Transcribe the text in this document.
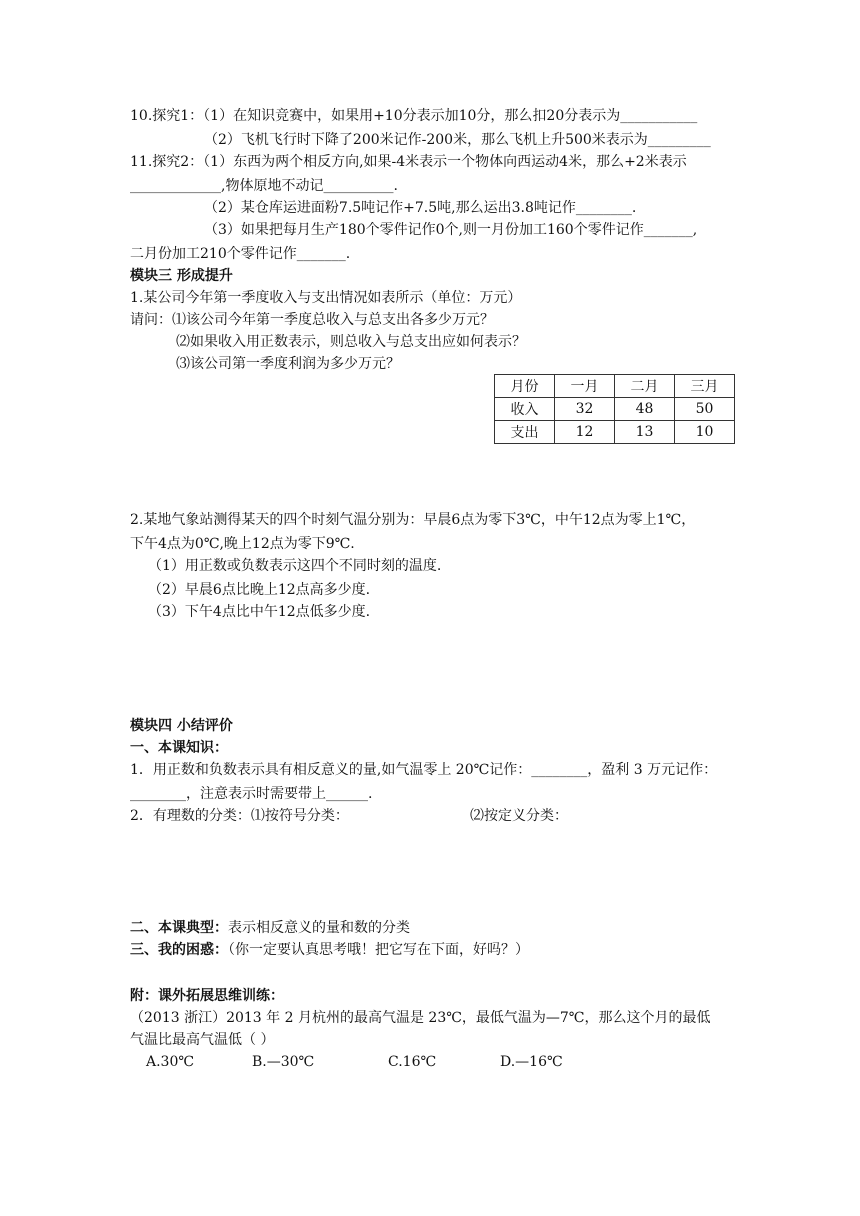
10.探究1：（1）在知识竞赛中，如果用+10分表示加10分，那么扣20分表示为___________
（2）飞机飞行时下降了200米记作-200米，那么飞机上升500米表示为_________
11.探究2：（1）东西为两个相反方向,如果-4米表示一个物体向西运动4米，那么+2米表示
_____________,物体原地不动记__________.
（2）某仓库运进面粉7.5吨记作+7.5吨,那么运出3.8吨记作________.
（3）如果把每月生产180个零件记作0个,则一月份加工160个零件记作_______,
二月份加工210个零件记作_______.
模块三 形成提升
1.某公司今年第一季度收入与支出情况如表所示（单位：万元）
请问：⑴该公司今年第一季度总收入与总支出各多少万元？
⑵如果收入用正数表示，则总收入与总支出应如何表示？
⑶该公司第一季度利润为多少万元？
月份	一月	二月	三月
收入	32	48	50
支出	12	13	10
2.某地气象站测得某天的四个时刻气温分别为：早晨6点为零下3℃，中午12点为零上1℃，
下午4点为0℃,晚上12点为零下9℃.
（1）用正数或负数表示这四个不同时刻的温度.
（2）早晨6点比晚上12点高多少度.
（3）下午4点比中午12点低多少度.
模块四 小结评价
一、本课知识：
1．用正数和负数表示具有相反意义的量,如气温零上 20℃记作：________，盈利 3 万元记作：
________，注意表示时需要带上______.
2．有理数的分类：⑴按符号分类：	⑵按定义分类：
二、本课典型：表示相反意义的量和数的分类
三、我的困惑：（你一定要认真思考哦！把它写在下面，好吗？）
附：课外拓展思维训练：
（2013 浙江）2013 年 2 月杭州的最高气温是 23℃，最低气温为—7℃，那么这个月的最低
气温比最高气温低（ ）
A.30℃	B.—30℃	C.16℃	D.—16℃
